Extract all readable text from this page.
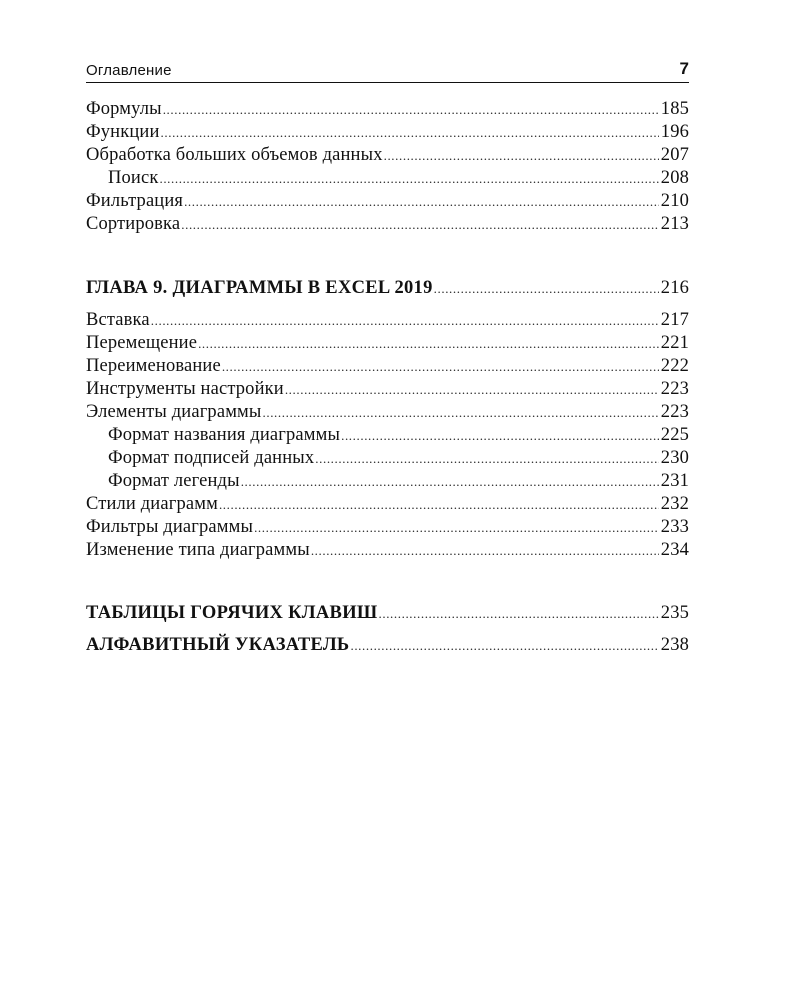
Оглавление	7
Формулы .....	185
Функции .....	196
Обработка больших объемов данных .....	207
Поиск .....	208
Фильтрация .....	210
Сортировка .....	213
ГЛАВА 9. ДИАГРАММЫ В EXCEL 2019 .....	216
Вставка .....	217
Перемещение .....	221
Переименование .....	222
Инструменты настройки .....	223
Элементы диаграммы .....	223
Формат названия диаграммы .....	225
Формат подписей данных .....	230
Формат легенды .....	231
Стили диаграмм .....	232
Фильтры диаграммы .....	233
Изменение типа диаграммы .....	234
ТАБЛИЦЫ ГОРЯЧИХ КЛАВИШ .....	235
АЛФАВИТНЫЙ УКАЗАТЕЛЬ .....	238
